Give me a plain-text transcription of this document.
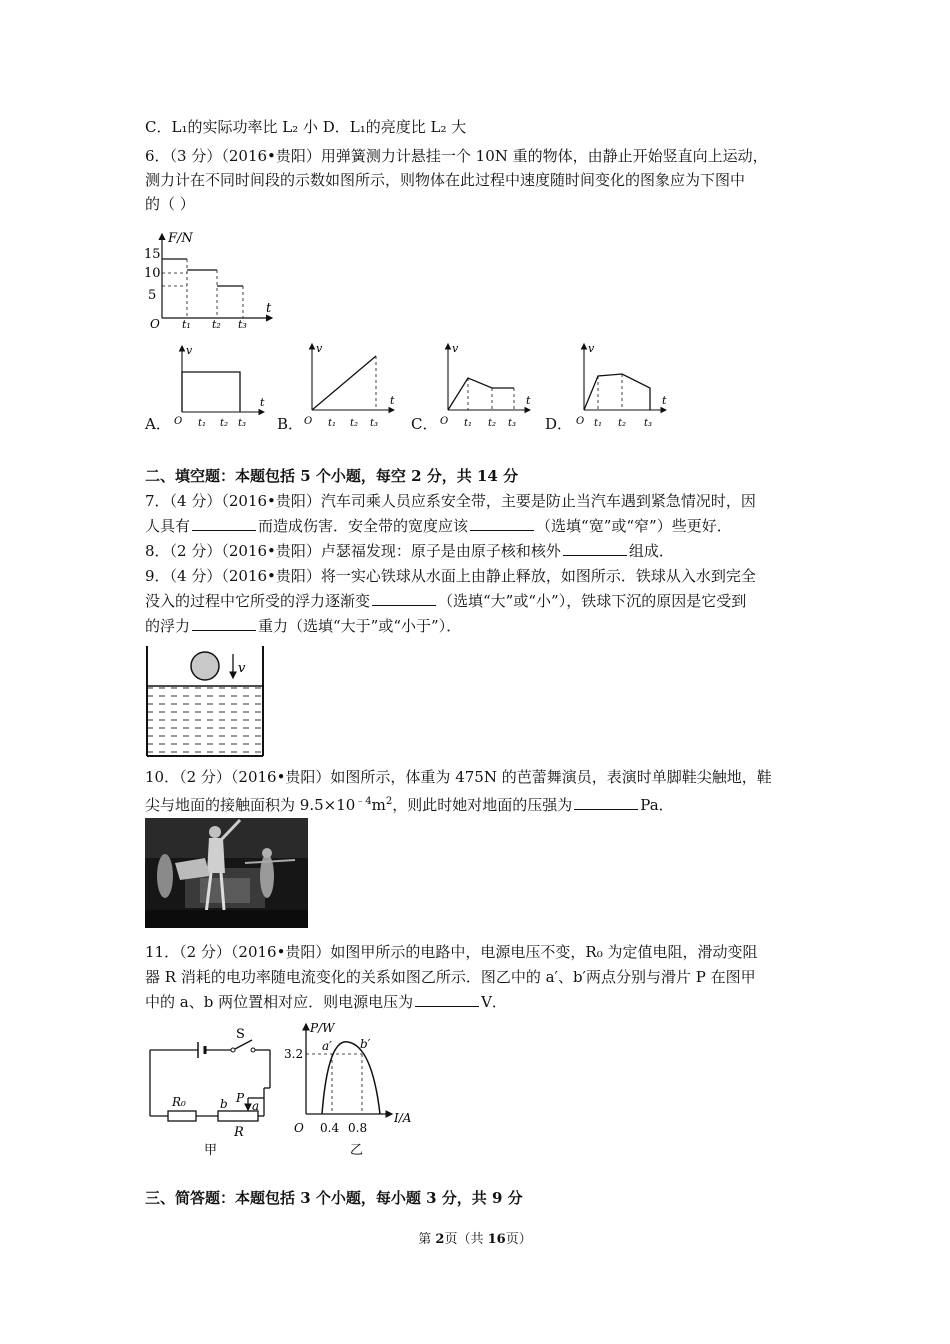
C．L₁的实际功率比 L₂ 小 D．L₁的亮度比 L₂ 大
6．（3 分）（2016•贵阳）用弹簧测力计悬挂一个 10N 重的物体，由静止开始竖直向上运动，
测力计在不同时间段的示数如图所示，则物体在此过程中速度随时间变化的图象应为下图中
的（ ）
F/N
t
15
10
5
O t₁ t₂ t₃
A．
v
t
O t₁ t₂ t₃ B．
v
t
O t₁ t₂ t₃ C．
v
t
O t₁ t₂ t₃ D．
v
t
O t₁ t₂ t₃
二、填空题：本题包括 5 个小题，每空 2 分，共 14 分
7．（4 分）（2016•贵阳）汽车司乘人员应系安全带，主要是防止当汽车遇到紧急情况时，因
人具有	而造成伤害．安全带的宽度应该	（选填“宽”或“窄”）些更好．
8．（2 分）（2016•贵阳）卢瑟福发现：原子是由原子核和核外	组成．
9．（4 分）（2016•贵阳）将一实心铁球从水面上由静止释放，如图所示．铁球从入水到完全
没入的过程中它所受的浮力逐渐变	（选填“大”或“小”），铁球下沉的原因是它受到
的浮力	重力（选填“大于”或“小于”）．
v
10．（2 分）（2016•贵阳）如图所示，体重为 475N 的芭蕾舞演员，表演时单脚鞋尖触地，鞋
尖与地面的接触面积为 $9.5\times 10^{﹣4}m^2$，则此时她对地面的压强为	Pa．
11．（2 分）（2016•贵阳）如图甲所示的电路中，电源电压不变，R₀ 为定值电阻，滑动变阻
器 R 消耗的电功率随电流变化的关系如图乙所示．图乙中的 a′、b′两点分别与滑片 P 在图甲
中的 a、b 两位置相对应．则电源电压为	V．
S
R₀	b P
a
R
甲
P/W
I/A
O
3.2
0.4 0.8
a′ b′
乙
三、简答题：本题包括 3 个小题，每小题 3 分，共 9 分
第 2页（共 16页）
